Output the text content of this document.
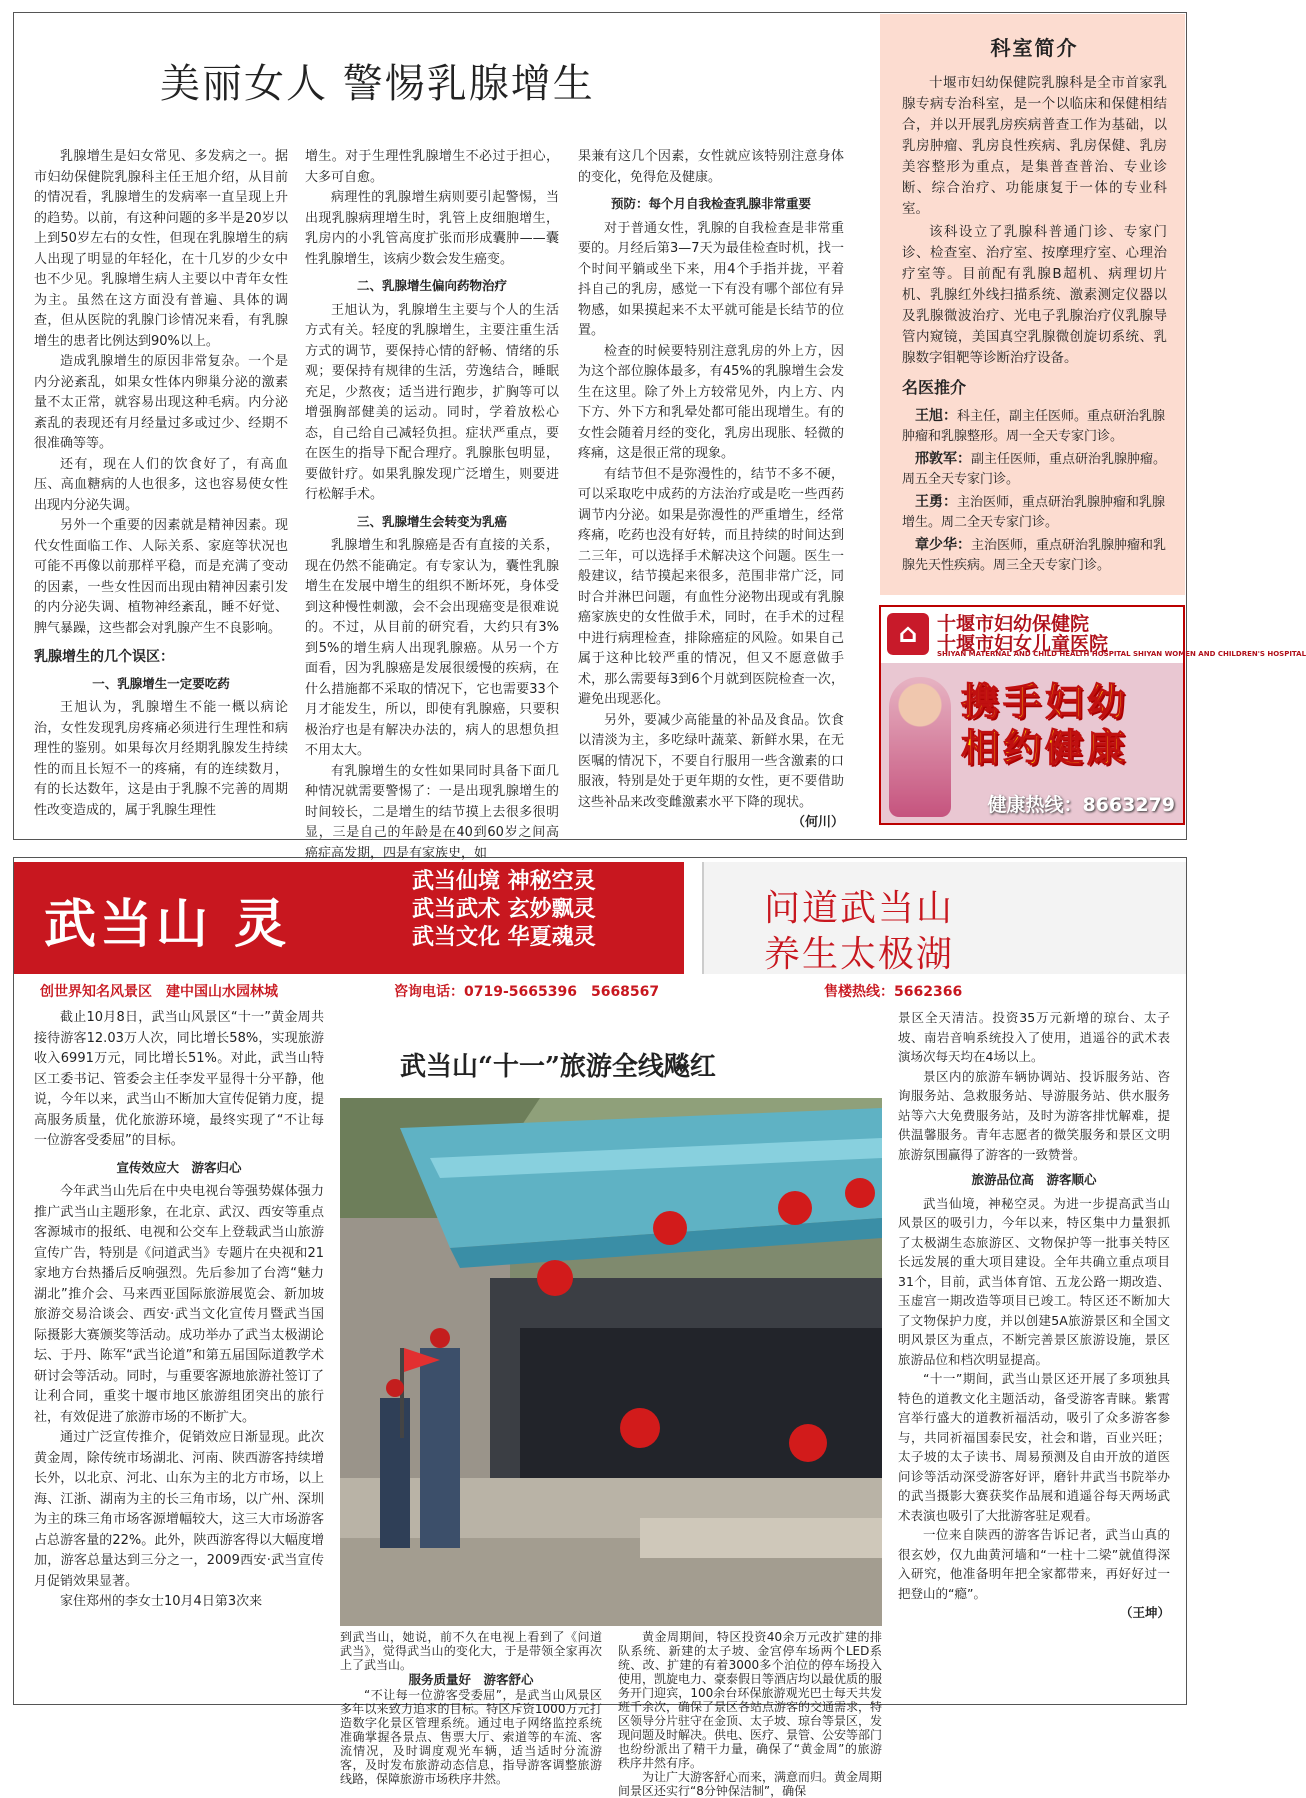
美丽女人 警惕乳腺增生

乳腺增生是妇女常见、多发病之一。据市妇幼保健院乳腺科主任王旭介绍，从目前的情况看，乳腺增生的发病率一直呈现上升的趋势。以前，有这种问题的多半是20岁以上到50岁左右的女性，但现在乳腺增生的病人出现了明显的年轻化，在十几岁的少女中也不少见。乳腺增生病人主要以中青年女性为主。虽然在这方面没有普遍、具体的调查，但从医院的乳腺门诊情况来看，有乳腺增生的患者比例达到90%以上。

造成乳腺增生的原因非常复杂。一个是内分泌紊乱，如果女性体内卵巢分泌的激素量不太正常，就容易出现这种毛病。内分泌紊乱的表现还有月经量过多或过少、经期不很准确等等。

还有，现在人们的饮食好了，有高血压、高血糖病的人也很多，这也容易使女性出现内分泌失调。

另外一个重要的因素就是精神因素。现代女性面临工作、人际关系、家庭等状况也可能不再像以前那样平稳，而是充满了变动的因素，一些女性因而出现由精神因素引发的内分泌失调、植物神经紊乱，睡不好觉、脾气暴躁，这些都会对乳腺产生不良影响。

乳腺增生的几个误区：
一、乳腺增生一定要吃药

王旭认为，乳腺增生不能一概以病论治，女性发现乳房疼痛必须进行生理性和病理性的鉴别。如果每次月经期乳腺发生持续性的而且长短不一的疼痛，有的连续数月，有的长达数年，这是由于乳腺不完善的周期性改变造成的，属于乳腺生理性

增生。对于生理性乳腺增生不必过于担心，大多可自愈。

病理性的乳腺增生病则要引起警惕，当出现乳腺病理增生时，乳管上皮细胞增生，乳房内的小乳管高度扩张而形成囊肿——囊性乳腺增生，该病少数会发生癌变。

二、乳腺增生偏向药物治疗

王旭认为，乳腺增生主要与个人的生活方式有关。轻度的乳腺增生，主要注重生活方式的调节，要保持心情的舒畅、情绪的乐观；要保持有规律的生活，劳逸结合，睡眠充足，少熬夜；适当进行跑步，扩胸等可以增强胸部健美的运动。同时，学着放松心态，自己给自己减轻负担。症状严重点，要在医生的指导下配合理疗。乳腺胀包明显，要做针疗。如果乳腺发现广泛增生，则要进行松解手术。

三、乳腺增生会转变为乳癌

乳腺增生和乳腺癌是否有直接的关系，现在仍然不能确定。有专家认为，囊性乳腺增生在发展中增生的组织不断坏死，身体受到这种慢性刺激，会不会出现癌变是很难说的。不过，从目前的研究看，大约只有3%到5%的增生病人出现乳腺癌。从另一个方面看，因为乳腺癌是发展很缓慢的疾病，在什么措施都不采取的情况下，它也需要33个月才能发生，所以，即使有乳腺癌，只要积极治疗也是有解决办法的，病人的思想负担不用太大。

有乳腺增生的女性如果同时具备下面几种情况就需要警惕了：一是出现乳腺增生的时间较长，二是增生的结节摸上去很多很明显，三是自己的年龄是在40到60岁之间高癌症高发期，四是有家族史，如

果兼有这几个因素，女性就应该特别注意身体的变化，免得危及健康。

预防：每个月自我检查乳腺非常重要

对于普通女性，乳腺的自我检查是非常重要的。月经后第3—7天为最佳检查时机，找一个时间平躺或坐下来，用4个手指并拢，平着抖自己的乳房，感觉一下有没有哪个部位有异物感，如果摸起来不太平就可能是长结节的位置。

检查的时候要特别注意乳房的外上方，因为这个部位腺体最多，有45%的乳腺增生会发生在这里。除了外上方较常见外，内上方、内下方、外下方和乳晕处都可能出现增生。有的女性会随着月经的变化，乳房出现胀、轻微的疼痛，这是很正常的现象。

有结节但不是弥漫性的，结节不多不硬，可以采取吃中成药的方法治疗或是吃一些西药调节内分泌。如果是弥漫性的严重增生，经常疼痛，吃药也没有好转，而且持续的时间达到二三年，可以选择手术解决这个问题。医生一般建议，结节摸起来很多，范围非常广泛，同时合并淋巴问题，有血性分泌物出现或有乳腺癌家族史的女性做手术，同时，在手术的过程中进行病理检查，排除癌症的风险。如果自己属于这种比较严重的情况，但又不愿意做手术，那么需要每3到6个月就到医院检查一次，避免出现恶化。

另外，要减少高能量的补品及食品。饮食以清淡为主，多吃绿叶蔬菜、新鲜水果，在无医嘱的情况下，不要自行服用一些含激素的口服液，特别是处于更年期的女性，更不要借助这些补品来改变雌激素水平下降的现状。

（何川）
科室简介

十堰市妇幼保健院乳腺科是全市首家乳腺专病专治科室，是一个以临床和保健相结合，并以开展乳房疾病普查工作为基础，以乳房肿瘤、乳房良性疾病、乳房保健、乳房美容整形为重点，是集普查普治、专业诊断、综合治疗、功能康复于一体的专业科室。

该科设立了乳腺科普通门诊、专家门诊、检查室、治疗室、按摩理疗室、心理治疗室等。目前配有乳腺B超机、病理切片机、乳腺红外线扫描系统、激素测定仪器以及乳腺微波治疗、光电子乳腺治疗仪乳腺导管内窥镜，美国真空乳腺微创旋切系统、乳腺数字钼靶等诊断治疗设备。

名医推介
王旭：科主任，副主任医师。重点研治乳腺肿瘤和乳腺整形。周一全天专家门诊。
邢敦军：副主任医师，重点研治乳腺肿瘤。周五全天专家门诊。
王勇：主治医师，重点研治乳腺肿瘤和乳腺增生。周二全天专家门诊。
章少华：主治医师，重点研治乳腺肿瘤和乳腺先天性疾病。周三全天专家门诊。
⌂	十堰市妇幼保健院
十堰市妇女儿童医院
SHIYAN MATERNAL AND CHILD HEALTH HOSPITAL SHIYAN WOMEN AND CHILDREN'S HOSPITAL
携手妇幼
相约健康
健康热线：8663279
武当山 灵
武当仙境 神秘空灵
武当武术 玄妙飘灵
武当文化 华夏魂灵
创世界知名风景区　建中国山水园林城	咨询电话：0719-5665396　5668567
问道武当山
养生太极湖
售楼热线：5662366
武当山“十一”旅游全线飚红

截止10月8日，武当山风景区“十一”黄金周共接待游客12.03万人次，同比增长58%，实现旅游收入6991万元，同比增长51%。对此，武当山特区工委书记、管委会主任李发平显得十分平静，他说，今年以来，武当山不断加大宣传促销力度，提高服务质量，优化旅游环境，最终实现了“不让每一位游客受委屈”的目标。

宣传效应大　游客归心

今年武当山先后在中央电视台等强势媒体强力推广武当山主题形象，在北京、武汉、西安等重点客源城市的报纸、电视和公交车上登载武当山旅游宣传广告，特别是《问道武当》专题片在央视和21家地方台热播后反响强烈。先后参加了台湾“魅力湖北”推介会、马来西亚国际旅游展览会、新加坡旅游交易洽谈会、西安·武当文化宣传月暨武当国际摄影大赛颁奖等活动。成功举办了武当太极湖论坛、于丹、陈军“武当论道”和第五届国际道教学术研讨会等活动。同时，与重要客源地旅游社签订了让利合同，重奖十堰市地区旅游组团突出的旅行社，有效促进了旅游市场的不断扩大。

通过广泛宣传推介，促销效应日渐显现。此次黄金周，除传统市场湖北、河南、陕西游客持续增长外，以北京、河北、山东为主的北方市场，以上海、江浙、湖南为主的长三角市场，以广州、深圳为主的珠三角市场客源增幅较大，这三大市场游客占总游客量的22%。此外，陕西游客得以大幅度增加，游客总量达到三分之一，2009西安·武当宣传月促销效果显著。

家住郑州的李女士10月4日第3次来

到武当山，她说，前不久在电视上看到了《问道武当》，觉得武当山的变化大，于是带领全家再次上了武当山。

服务质量好　游客舒心

“不让每一位游客受委屈”，是武当山风景区多年以来致力追求的目标。特区斥资1000万元打造数字化景区管理系统。通过电子网络监控系统准确掌握各景点、售票大厅、索道等的车流、客流情况，及时调度观光车辆，适当适时分流游客，及时发布旅游动态信息，指导游客调整旅游线路，保障旅游市场秩序井然。

黄金周期间，特区投资40余万元改扩建的排队系统、新建的太子坡、金宫停车场两个LED系统、改、扩建的有着3000多个泊位的停车场投入使用，凯旋电力、豪泰假日等酒店均以最优质的服务开门迎宾，100余台环保旅游观光巴士每天共发班千余次，确保了景区各站点游客的交通需求，特区领导分片驻守在金顶、太子坡、琼台等景区，发现问题及时解决。供电、医疗、景管、公安等部门也纷纷派出了精干力量，确保了“黄金周”的旅游秩序井然有序。

为让广大游客舒心而来，满意而归。黄金周期间景区还实行“8分钟保洁制”，确保

景区全天清洁。投资35万元新增的琼台、太子坡、南岩音响系统投入了使用，逍遥谷的武术表演场次每天均在4场以上。

景区内的旅游车辆协调站、投诉服务站、咨询服务站、急救服务站、导游服务站、供水服务站等六大免费服务站，及时为游客排忧解难，提供温馨服务。青年志愿者的微笑服务和景区文明旅游氛围赢得了游客的一致赞誉。

旅游品位高　游客顺心

武当仙境，神秘空灵。为进一步提高武当山风景区的吸引力，今年以来，特区集中力量狠抓了太极湖生态旅游区、文物保护等一批事关特区长远发展的重大项目建设。全年共确立重点项目31个，目前，武当体育馆、五龙公路一期改造、玉虚宫一期改造等项目已竣工。特区还不断加大了文物保护力度，并以创建5A旅游景区和全国文明风景区为重点，不断完善景区旅游设施，景区旅游品位和档次明显提高。

“十一”期间，武当山景区还开展了多项独具特色的道教文化主题活动，备受游客青睐。紫霄宫举行盛大的道教祈福活动，吸引了众多游客参与，共同祈福国泰民安，社会和谐，百业兴旺；太子坡的太子读书、周易预测及自由开放的道医问诊等活动深受游客好评，磨针井武当书院举办的武当摄影大赛获奖作品展和逍遥谷每天两场武术表演也吸引了大批游客驻足观看。

一位来自陕西的游客告诉记者，武当山真的很玄妙，仅九曲黄河墙和“一柱十二梁”就值得深入研究，他准备明年把全家都带来，再好好过一把登山的“瘾”。

（王坤）
